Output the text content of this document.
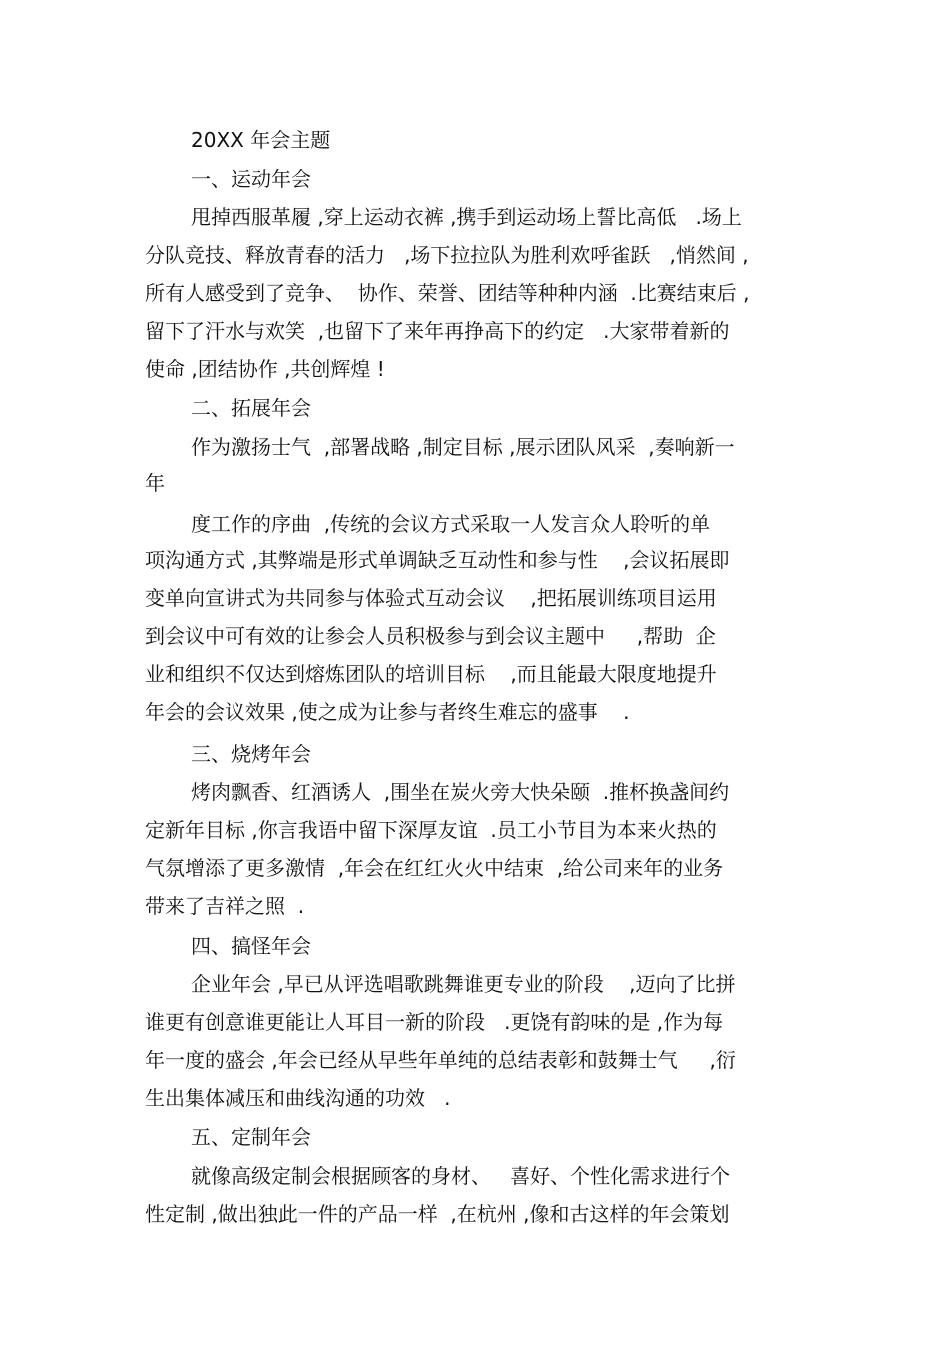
20XX 年会主题
一、运动年会
甩掉西服革履 ,穿上运动衣裤 ,携手到运动场上誓比高低   .场上
分队竞技、释放青春的活力   ,场下拉拉队为胜利欢呼雀跃   ,悄然间 ,
所有人感受到了竞争、  协作、荣誉、团结等种种内涵  .比赛结束后 ,
留下了汗水与欢笑  ,也留下了来年再挣高下的约定   .大家带着新的
使命 ,团结协作 ,共创辉煌 !
二、拓展年会
作为激扬士气  ,部署战略 ,制定目标 ,展示团队风采  ,奏响新一
年
度工作的序曲  ,传统的会议方式采取一人发言众人聆听的单
项沟通方式 ,其弊端是形式单调缺乏互动性和参与性    ,会议拓展即
变单向宣讲式为共同参与体验式互动会议    ,把拓展训练项目运用
到会议中可有效的让参会人员积极参与到会议主题中     ,帮助  企
业和组织不仅达到熔炼团队的培训目标    ,而且能最大限度地提升
年会的会议效果 ,使之成为让参与者终生难忘的盛事    .
三、烧烤年会
烤肉飘香、红酒诱人  ,围坐在炭火旁大快朵颐  .推杯换盏间约
定新年目标 ,你言我语中留下深厚友谊  .员工小节目为本来火热的
气氛增添了更多激情  ,年会在红红火火中结束  ,给公司来年的业务
带来了吉祥之照  .
四、搞怪年会
企业年会 ,早已从评选唱歌跳舞谁更专业的阶段    ,迈向了比拼
谁更有创意谁更能让人耳目一新的阶段   .更饶有韵味的是 ,作为每
年一度的盛会 ,年会已经从早些年单纯的总结表彰和鼓舞士气     ,衍
生出集体减压和曲线沟通的功效   .
五、定制年会
就像高级定制会根据顾客的身材、   喜好、个性化需求进行个
性定制 ,做出独此一件的产品一样  ,在杭州 ,像和古这样的年会策划
